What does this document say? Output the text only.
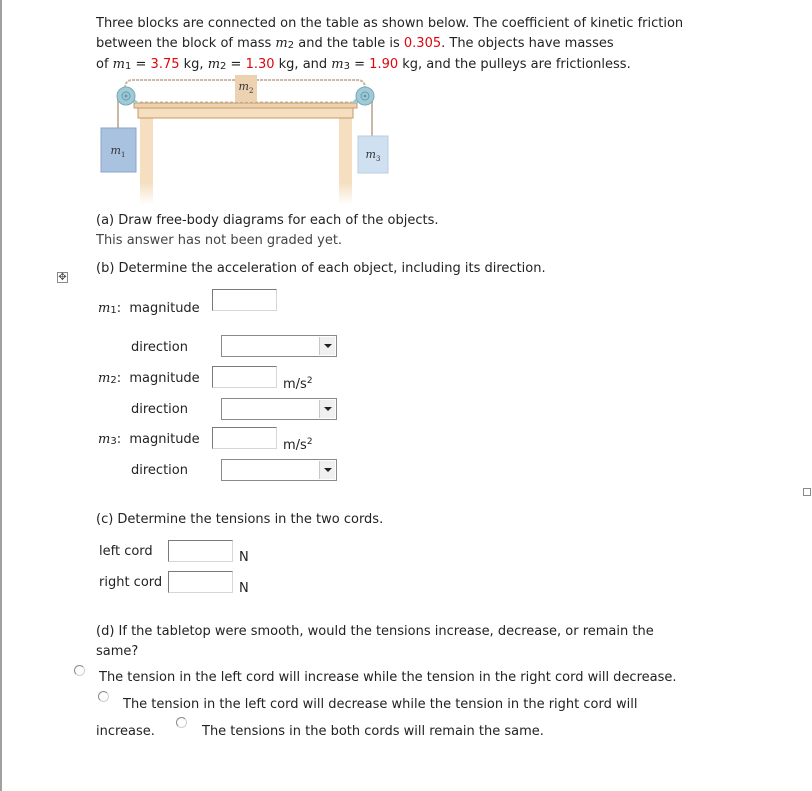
Three blocks are connected on the table as shown below. The coefficient of kinetic friction
between the block of mass $m_2$ and the table is 0.305. The objects have masses
of $m_1 = 3.75$ kg, $m_2 = 1.30$ kg, and $m_3 = 1.90$ kg, and the pulleys are frictionless.
$m_2$
$m_1$	$m_3$
(a) Draw free-body diagrams for each of the objects.
This answer has not been graded yet.
✥
(b) Determine the acceleration of each object, including its direction.
$m_1$: magnitude
direction
$m_2$: magnitude	$m/s^2$
direction
$m_3$: magnitude	$m/s^2$
direction
(c) Determine the tensions in the two cords.
left cord	N
right cord	N
(d) If the tabletop were smooth, would the tensions increase, decrease, or remain the
same?
The tension in the left cord will increase while the tension in the right cord will decrease.
The tension in the left cord will decrease while the tension in the right cord will
increase.	The tensions in the both cords will remain the same.
